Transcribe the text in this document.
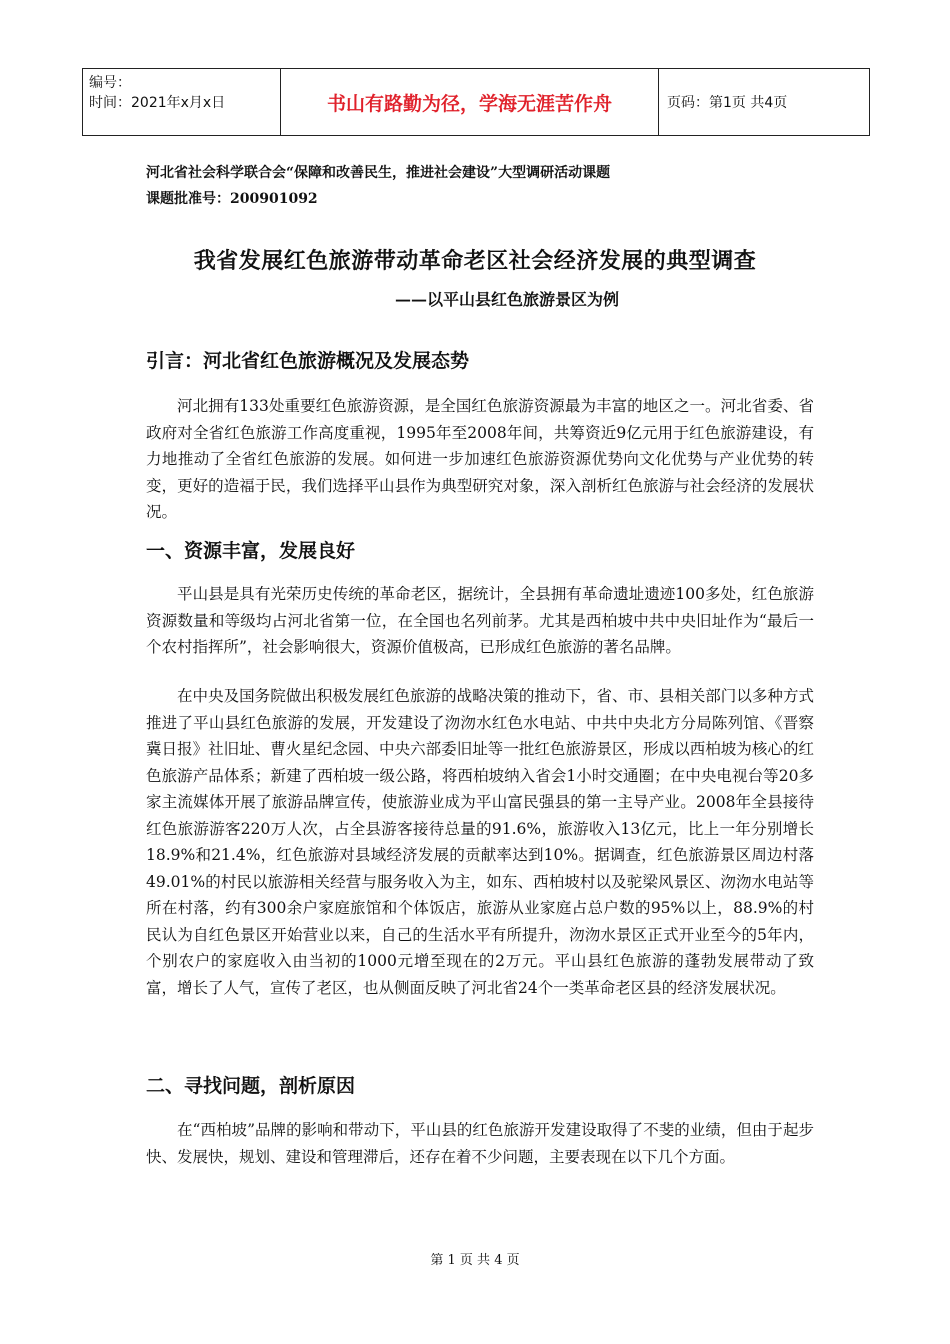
编号：
时间：2021年x月x日	书山有路勤为径，学海无涯苦作舟	页码：第1页 共4页
河北省社会科学联合会“保障和改善民生，推进社会建设”大型调研活动课题
课题批准号：200901092
我省发展红色旅游带动革命老区社会经济发展的典型调查
——以平山县红色旅游景区为例
引言：河北省红色旅游概况及发展态势

河北拥有133处重要红色旅游资源，是全国红色旅游资源最为丰富的地区之一。河北省委、省政府对全省红色旅游工作高度重视，1995年至2008年间，共筹资近9亿元用于红色旅游建设，有力地推动了全省红色旅游的发展。如何进一步加速红色旅游资源优势向文化优势与产业优势的转变，更好的造福于民，我们选择平山县作为典型研究对象，深入剖析红色旅游与社会经济的发展状况。

一、资源丰富，发展良好

平山县是具有光荣历史传统的革命老区，据统计，全县拥有革命遗址遗迹100多处，红色旅游资源数量和等级均占河北省第一位，在全国也名列前茅。尤其是西柏坡中共中央旧址作为“最后一个农村指挥所”，社会影响很大，资源价值极高，已形成红色旅游的著名品牌。

在中央及国务院做出积极发展红色旅游的战略决策的推动下，省、市、县相关部门以多种方式推进了平山县红色旅游的发展，开发建设了沕沕水红色水电站、中共中央北方分局陈列馆、《晋察冀日报》社旧址、曹火星纪念园、中央六部委旧址等一批红色旅游景区，形成以西柏坡为核心的红色旅游产品体系；新建了西柏坡一级公路，将西柏坡纳入省会1小时交通圈；在中央电视台等20多家主流媒体开展了旅游品牌宣传，使旅游业成为平山富民强县的第一主导产业。2008年全县接待红色旅游游客220万人次，占全县游客接待总量的91.6%，旅游收入13亿元，比上一年分别增长18.9%和21.4%，红色旅游对县域经济发展的贡献率达到10%。据调查，红色旅游景区周边村落49.01%的村民以旅游相关经营与服务收入为主，如东、西柏坡村以及驼梁风景区、沕沕水电站等所在村落，约有300余户家庭旅馆和个体饭店，旅游从业家庭占总户数的95%以上，88.9%的村民认为自红色景区开始营业以来，自己的生活水平有所提升，沕沕水景区正式开业至今的5年内，个别农户的家庭收入由当初的1000元增至现在的2万元。平山县红色旅游的蓬勃发展带动了致富，增长了人气，宣传了老区，也从侧面反映了河北省24个一类革命老区县的经济发展状况。

二、寻找问题，剖析原因

在“西柏坡”品牌的影响和带动下，平山县的红色旅游开发建设取得了不斐的业绩，但由于起步快、发展快，规划、建设和管理滞后，还存在着不少问题，主要表现在以下几个方面。

第 1 页 共 4 页
